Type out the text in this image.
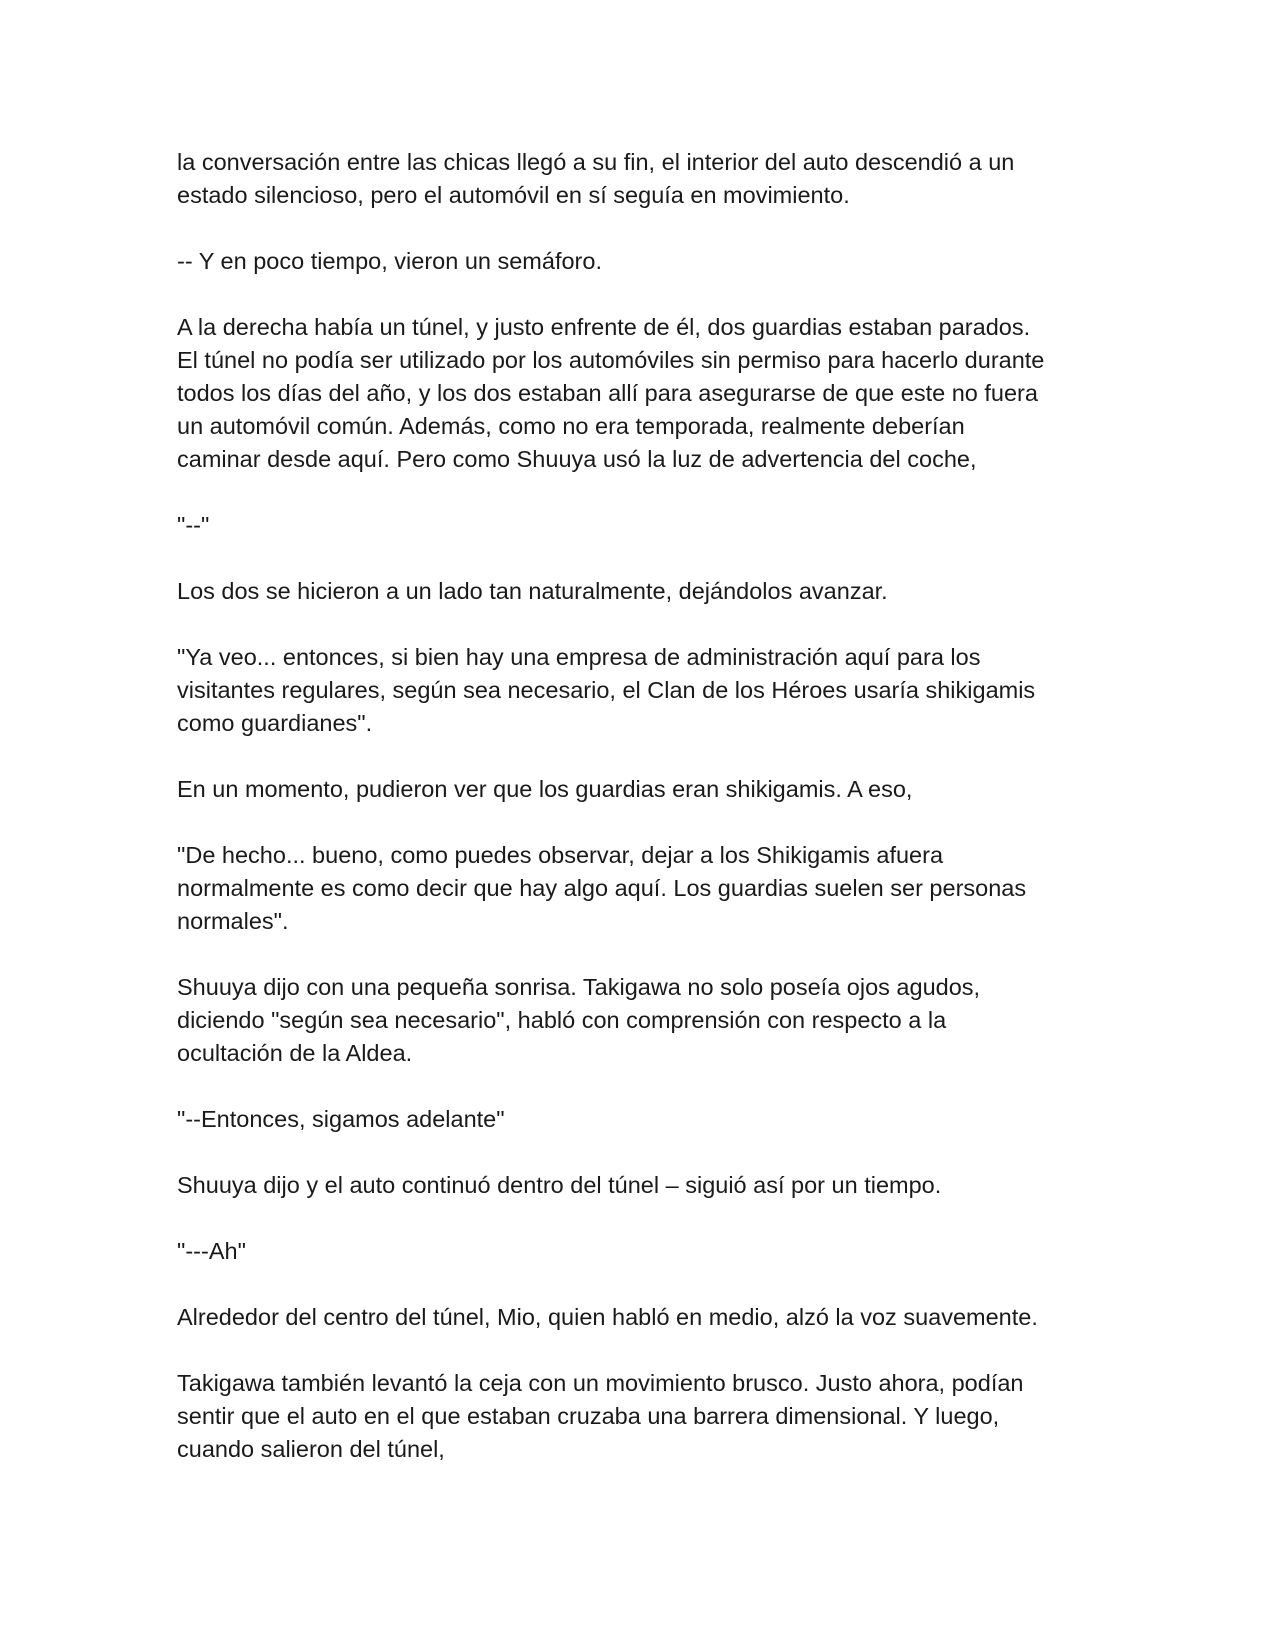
la conversación entre las chicas llegó a su fin, el interior del auto descendió a un
estado silencioso, pero el automóvil en sí seguía en movimiento.

-- Y en poco tiempo, vieron un semáforo.

A la derecha había un túnel, y justo enfrente de él, dos guardias estaban parados.
El túnel no podía ser utilizado por los automóviles sin permiso para hacerlo durante
todos los días del año, y los dos estaban allí para asegurarse de que este no fuera
un automóvil común. Además, como no era temporada, realmente deberían
caminar desde aquí. Pero como Shuuya usó la luz de advertencia del coche,

"--"

Los dos se hicieron a un lado tan naturalmente, dejándolos avanzar.

"Ya veo... entonces, si bien hay una empresa de administración aquí para los
visitantes regulares, según sea necesario, el Clan de los Héroes usaría shikigamis
como guardianes".

En un momento, pudieron ver que los guardias eran shikigamis. A eso,

"De hecho... bueno, como puedes observar, dejar a los Shikigamis afuera
normalmente es como decir que hay algo aquí. Los guardias suelen ser personas
normales".

Shuuya dijo con una pequeña sonrisa. Takigawa no solo poseía ojos agudos,
diciendo "según sea necesario", habló con comprensión con respecto a la
ocultación de la Aldea.

"--Entonces, sigamos adelante"

Shuuya dijo y el auto continuó dentro del túnel – siguió así por un tiempo.

"---Ah"

Alrededor del centro del túnel, Mio, quien habló en medio, alzó la voz suavemente.

Takigawa también levantó la ceja con un movimiento brusco. Justo ahora, podían
sentir que el auto en el que estaban cruzaba una barrera dimensional. Y luego,
cuando salieron del túnel,
